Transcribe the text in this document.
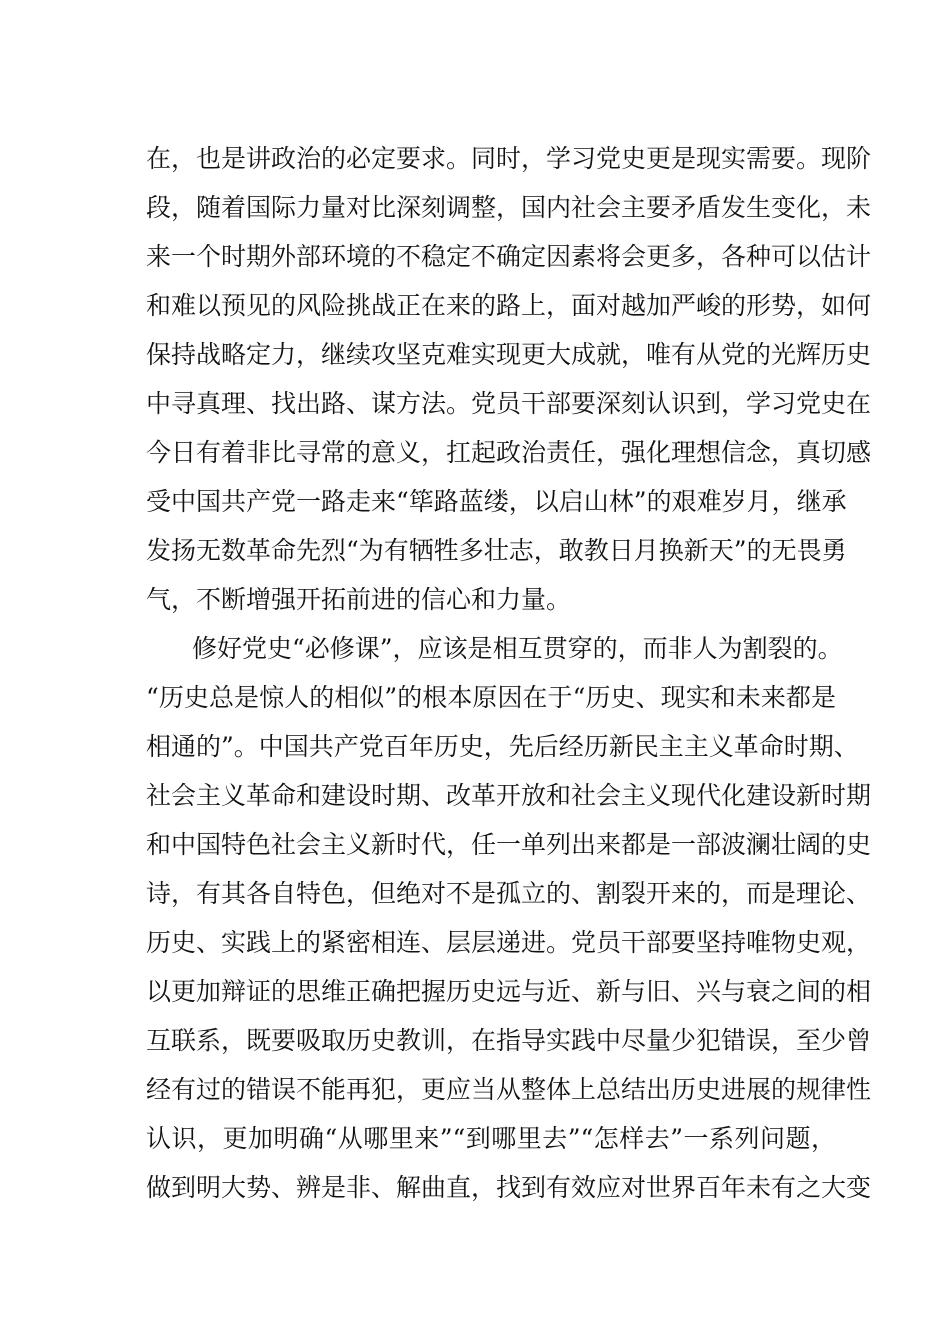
在，也是讲政治的必定要求。同时，学习党史更是现实需要。现阶
段，随着国际力量对比深刻调整，国内社会主要矛盾发生变化，未
来一个时期外部环境的不稳定不确定因素将会更多，各种可以估计
和难以预见的风险挑战正在来的路上，面对越加严峻的形势，如何
保持战略定力，继续攻坚克难实现更大成就，唯有从党的光辉历史
中寻真理、找出路、谋方法。党员干部要深刻认识到，学习党史在
今日有着非比寻常的意义，扛起政治责任，强化理想信念，真切感
受中国共产党一路走来“筚路蓝缕，以启山林”的艰难岁月，继承
发扬无数革命先烈“为有牺牲多壮志，敢教日月换新天”的无畏勇
气，不断增强开拓前进的信心和力量。
修好党史“必修课”，应该是相互贯穿的，而非人为割裂的。
“历史总是惊人的相似”的根本原因在于“历史、现实和未来都是
相通的”。中国共产党百年历史，先后经历新民主主义革命时期、
社会主义革命和建设时期、改革开放和社会主义现代化建设新时期
和中国特色社会主义新时代，任一单列出来都是一部波澜壮阔的史
诗，有其各自特色，但绝对不是孤立的、割裂开来的，而是理论、
历史、实践上的紧密相连、层层递进。党员干部要坚持唯物史观，
以更加辩证的思维正确把握历史远与近、新与旧、兴与衰之间的相
互联系，既要吸取历史教训，在指导实践中尽量少犯错误，至少曾
经有过的错误不能再犯，更应当从整体上总结出历史进展的规律性
认识，更加明确“从哪里来”“到哪里去”“怎样去”一系列问题，
做到明大势、辨是非、解曲直，找到有效应对世界百年未有之大变
